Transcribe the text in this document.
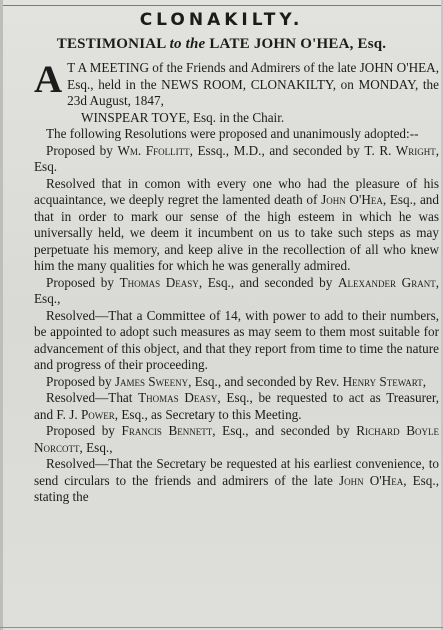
CLONAKILTY.
TESTIMONIAL to the LATE JOHN O'HEA, Esq.

A T A MEETING of the Friends and Admirers of the late JOHN O'HEA, Esq., held in the NEWS ROOM, CLONAKILTY, on MONDAY, the 23d August, 1847,

WINSPEAR TOYE, Esq. in the Chair.

The following Resolutions were proposed and unanimously adopted:--

Proposed by Wm. Ffollitt, Essq., M.D., and seconded by T. R. Wright, Esq.

Resolved that in comon with every one who had the pleasure of his acquaintance, we deeply regret the lamented death of John O'Hea, Esq., and that in order to mark our sense of the high esteem in which he was universally held, we deem it incumbent on us to take such steps as may perpetuate his memory, and keep alive in the recollection of all who knew him the many qualities for which he was generally admired.

Proposed by Thomas Deasy, Esq., and seconded by Alexander Grant, Esq.,

Resolved—That a Committee of 14, with power to add to their numbers, be appointed to adopt such measures as may seem to them most suitable for advancement of this object, and that they report from time to time the nature and progress of their proceeding.

Proposed by James Sweeny, Esq., and seconded by Rev. Henry Stewart,

Resolved—That Thomas Deasy, Esq., be requested to act as Treasurer, and F. J. Power, Esq., as Secretary to this Meeting.

Proposed by Francis Bennett, Esq., and seconded by Richard Boyle Norcott, Esq.,

Resolved—That the Secretary be requested at his earliest convenience, to send circulars to the friends and admirers of the late John O'Hea, Esq., stating the
